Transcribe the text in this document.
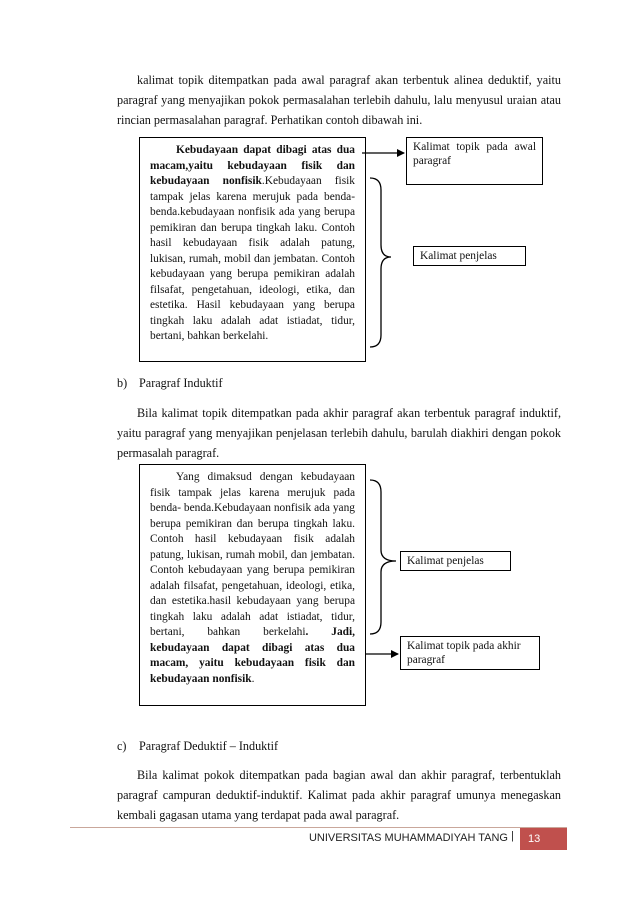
kalimat topik ditempatkan pada awal paragraf akan terbentuk alinea deduktif, yaitu paragraf yang menyajikan pokok permasalahan terlebih dahulu, lalu menyusul uraian atau rincian permasalahan paragraf. Perhatikan contoh dibawah ini.

Kebudayaan dapat dibagi atas dua macam,yaitu kebudayaan fisik dan kebudayaan nonfisik.Kebudayaan fisik tampak jelas karena merujuk pada benda-benda.kebudayaan nonfisik ada yang berupa pemikiran dan berupa tingkah laku. Contoh hasil kebudayaan fisik adalah patung, lukisan, rumah, mobil dan jembatan. Contoh kebudayaan yang berupa pemikiran adalah filsafat, pengetahuan, ideologi, etika, dan estetika. Hasil kebudayaan yang berupa tingkah laku adalah adat istiadat, tidur, bertani, bahkan berkelahi.
Kalimat topik pada awal paragraf
Kalimat penjelas
b) Paragraf Induktif

Bila kalimat topik ditempatkan pada akhir paragraf akan terbentuk paragraf induktif, yaitu paragraf yang menyajikan penjelasan terlebih dahulu, barulah diakhiri dengan pokok permasalah paragraf.

Yang dimaksud dengan kebudayaan fisik tampak jelas karena merujuk pada benda- benda.Kebudayaan nonfisik ada yang berupa pemikiran dan berupa tingkah laku. Contoh hasil kebudayaan fisik adalah patung, lukisan, rumah mobil, dan jembatan. Contoh kebudayaan yang berupa pemikiran adalah filsafat, pengetahuan, ideologi, etika, dan estetika.hasil kebudayaan yang berupa tingkah laku adalah adat istiadat, tidur, bertani, bahkan berkelahi. Jadi, kebudayaan dapat dibagi atas dua macam, yaitu kebudayaan fisik dan kebudayaan nonfisik.
Kalimat penjelas
Kalimat topik pada akhir paragraf
c) Paragraf Deduktif – Induktif

Bila kalimat pokok ditempatkan pada bagian awal dan akhir paragraf, terbentuklah paragraf campuran deduktif-induktif. Kalimat pada akhir paragraf umunya menegaskan kembali gagasan utama yang terdapat pada awal paragraf.

UNIVERSITAS MUHAMMADIYAH TANG |	13
